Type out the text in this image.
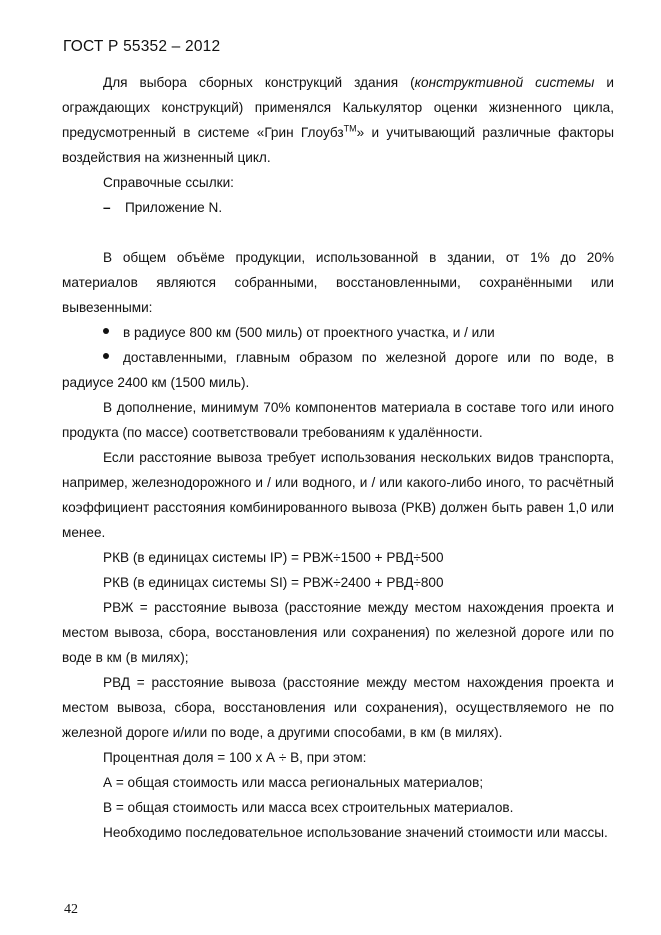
ГОСТ Р 55352 – 2012

Для выбора сборных конструкций здания (конструктивной системы и ограждающих конструкций) применялся Калькулятор оценки жизненного цикла, предусмотренный в системе «Грин Глоубз™» и учитывающий различные факторы воздействия на жизненный цикл.

Справочные ссылки:

– Приложение N.

В общем объёме продукции, использованной в здании, от 1% до 20% материалов являются собранными, восстановленными, сохранёнными или вывезенными:

в радиусе 800 км (500 миль) от проектного участка, и / или

доставленными, главным образом по железной дороге или по воде, в радиусе 2400 км (1500 миль).

В дополнение, минимум 70% компонентов материала в составе того или иного продукта (по массе) соответствовали требованиям к удалённости.

Если расстояние вывоза требует использования нескольких видов транспорта, например, железнодорожного и / или водного, и / или какого-либо иного, то расчётный коэффициент расстояния комбинированного вывоза (РКВ) должен быть равен 1,0 или менее.

РКВ (в единицах системы IP) = РВЖ÷1500 + РВД÷500

РКВ (в единицах системы SI) = РВЖ÷2400 + РВД÷800

РВЖ = расстояние вывоза (расстояние между местом нахождения проекта и местом вывоза, сбора, восстановления или сохранения) по железной дороге или по воде в км (в милях);

РВД = расстояние вывоза (расстояние между местом нахождения проекта и местом вывоза, сбора, восстановления или сохранения), осуществляемого не по железной дороге и/или по воде, а другими способами, в км (в милях).

Процентная доля = 100 х А ÷ В, при этом:

А = общая стоимость или масса региональных материалов;

В = общая стоимость или масса всех строительных материалов.

Необходимо последовательное использование значений стоимости или массы.

42
